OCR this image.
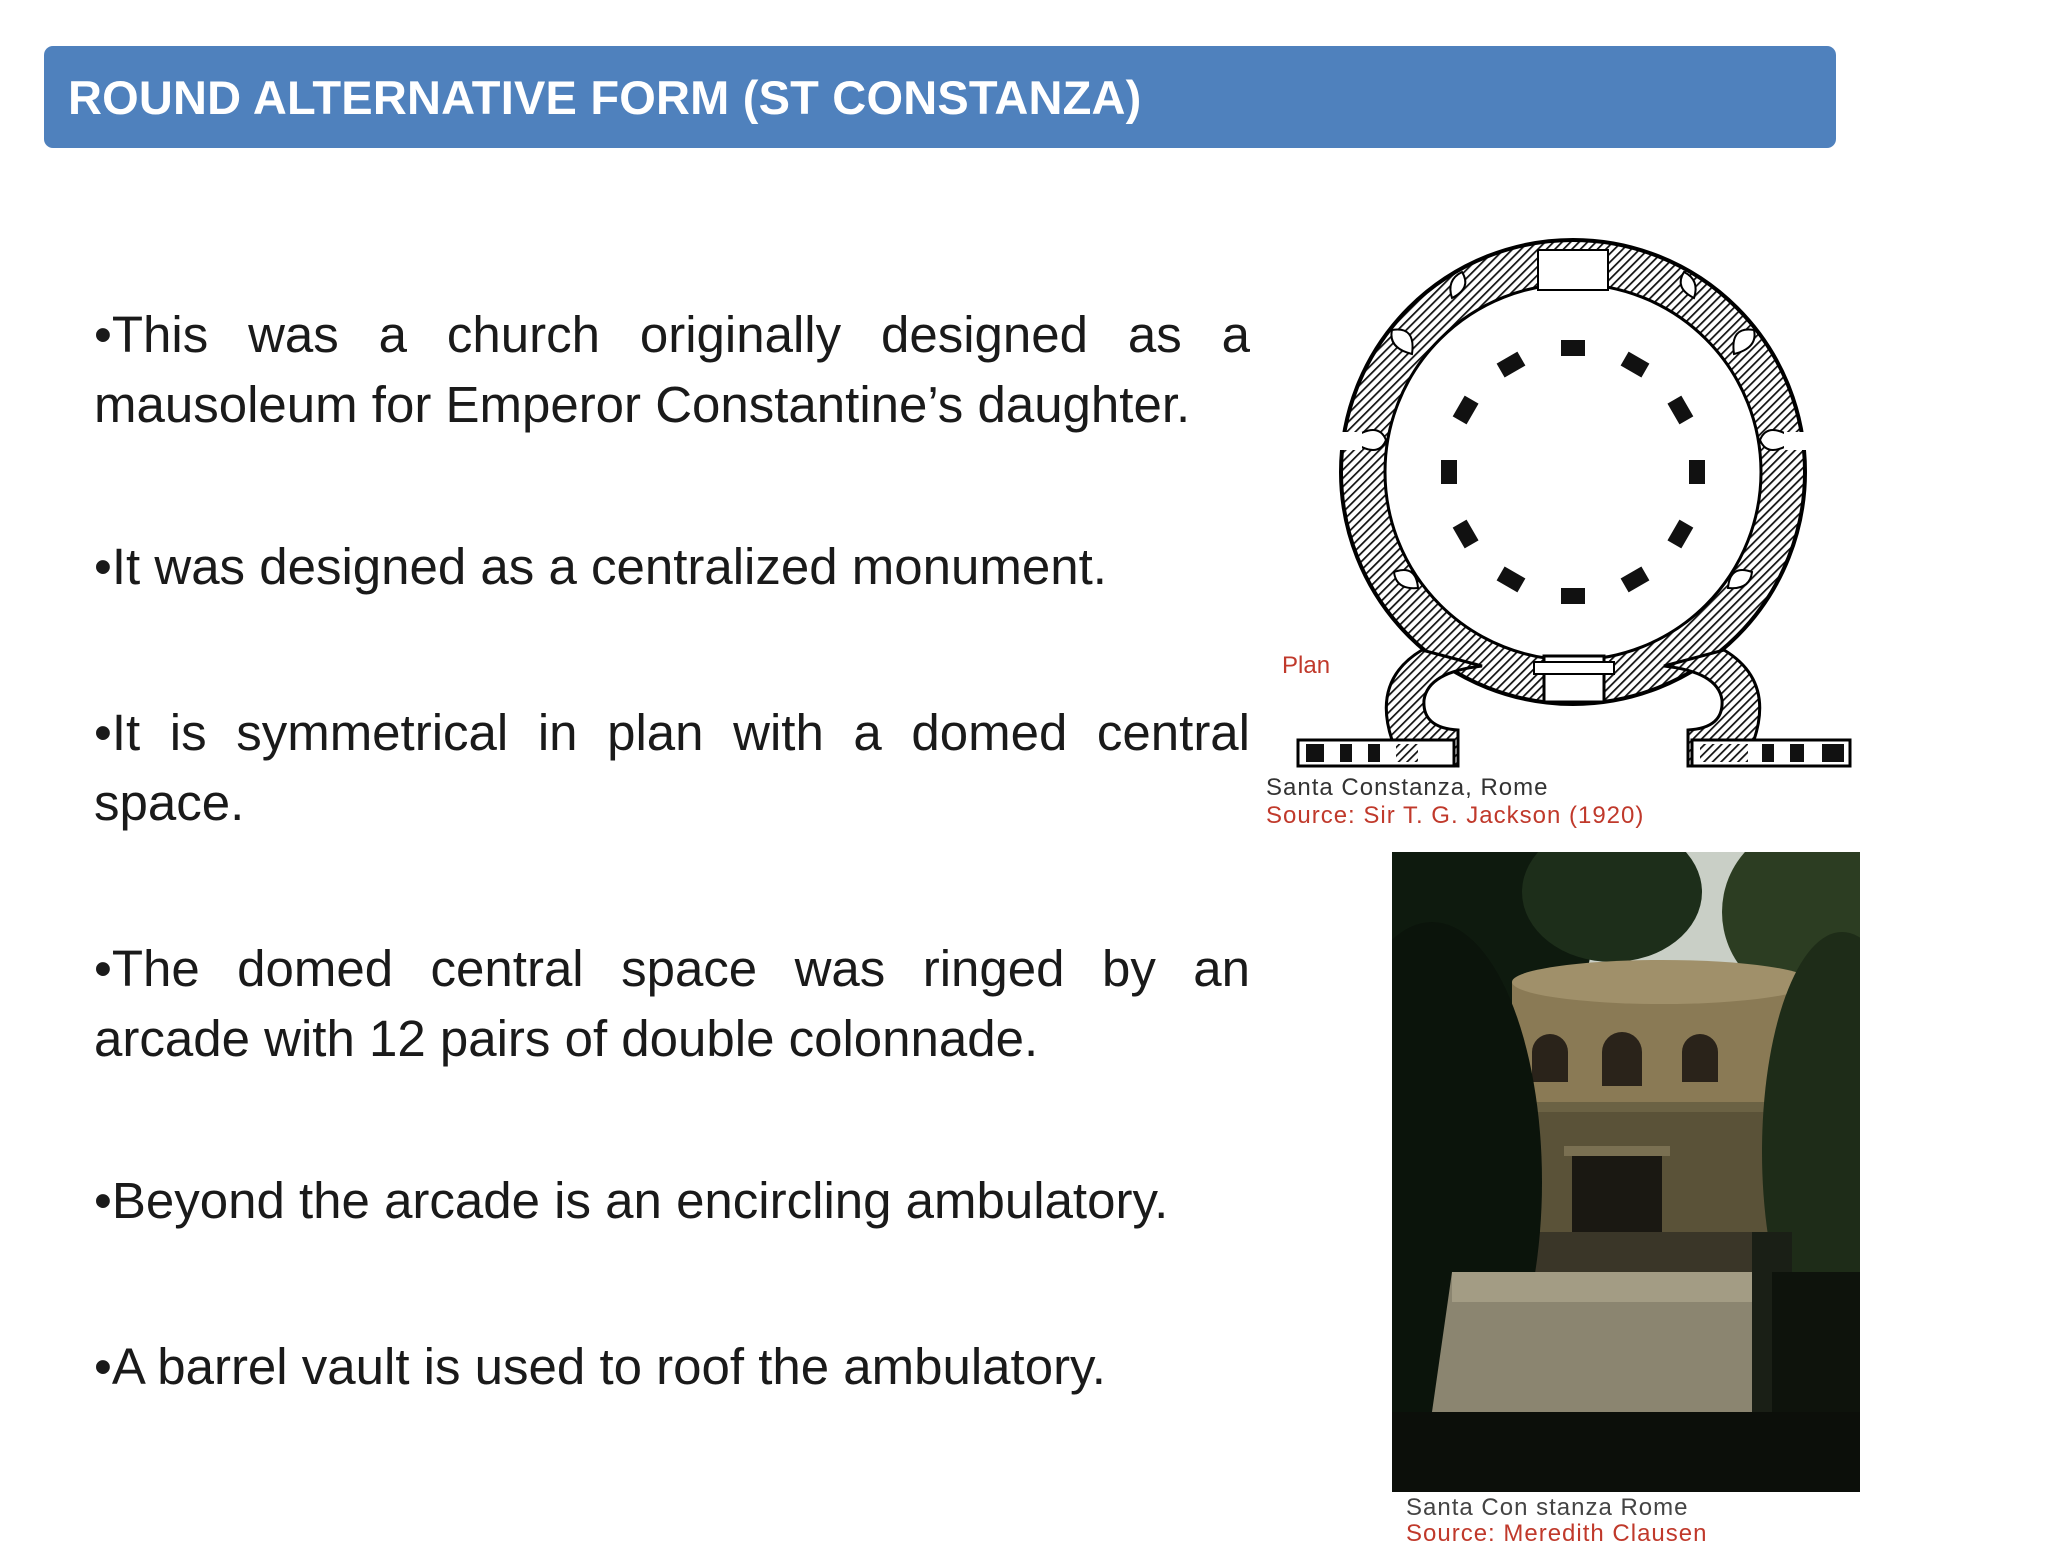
ROUND ALTERNATIVE FORM (ST CONSTANZA)

•This was a church originally designed as a mausoleum for Emperor Constantine’s daughter.

•It was designed as a centralized monument.

•It is symmetrical in plan with a domed central space.

•The domed central space was ringed by an arcade with 12 pairs of double colonnade.

•Beyond the arcade is an encircling ambulatory.

•A barrel vault is used to roof the ambulatory.

Plan
Santa Constanza, Rome
Source: Sir T. G. Jackson (1920)
Santa Con stanza Rome
Source: Meredith Clausen
